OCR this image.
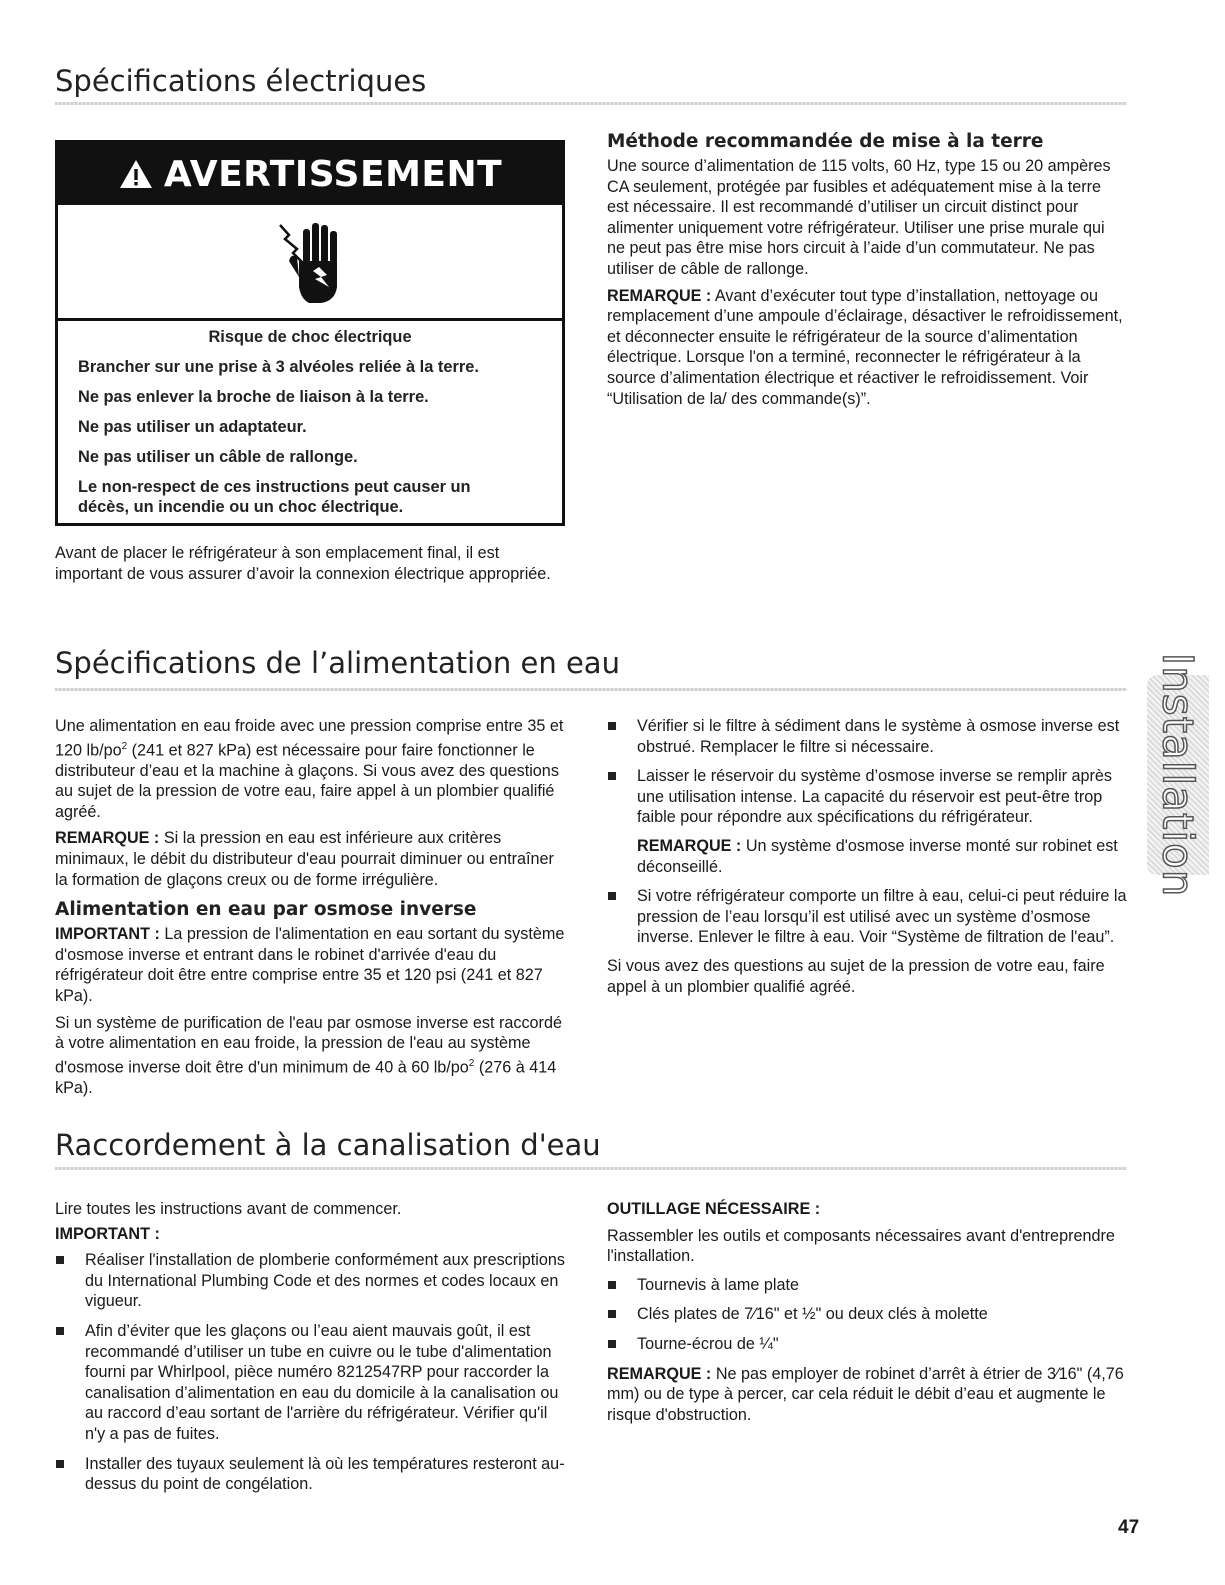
Spécifications électriques
AVERTISSEMENT
Risque de choc électrique
Brancher sur une prise à 3 alvéoles reliée à la terre.
Ne pas enlever la broche de liaison à la terre.
Ne pas utiliser un adaptateur.
Ne pas utiliser un câble de rallonge.
Le non-respect de ces instructions peut causer un décès, un incendie ou un choc électrique.

Avant de placer le réfrigérateur à son emplacement final, il est important de vous assurer d’avoir la connexion électrique appropriée.

Méthode recommandée de mise à la terre

Une source d’alimentation de 115 volts, 60 Hz, type 15 ou 20 ampères CA seulement, protégée par fusibles et adéquatement mise à la terre est nécessaire. Il est recommandé d’utiliser un circuit distinct pour alimenter uniquement votre réfrigérateur. Utiliser une prise murale qui ne peut pas être mise hors circuit à l’aide d’un commutateur. Ne pas utiliser de câble de rallonge.

REMARQUE : Avant d’exécuter tout type d’installation, nettoyage ou remplacement d’une ampoule d’éclairage, désactiver le refroidissement, et déconnecter ensuite le réfrigérateur de la source d’alimentation électrique. Lorsque l'on a terminé, reconnecter le réfrigérateur à la source d’alimentation électrique et réactiver le refroidissement. Voir “Utilisation de la/ des commande(s)”.

Spécifications de l’alimentation en eau

Une alimentation en eau froide avec une pression comprise entre 35 et 120 $lb/po^2$ (241 et 827 kPa) est nécessaire pour faire fonctionner le distributeur d’eau et la machine à glaçons. Si vous avez des questions au sujet de la pression de votre eau, faire appel à un plombier qualifié agréé.

REMARQUE : Si la pression en eau est inférieure aux critères minimaux, le débit du distributeur d'eau pourrait diminuer ou entraîner la formation de glaçons creux ou de forme irrégulière.

Alimentation en eau par osmose inverse

IMPORTANT : La pression de l'alimentation en eau sortant du système d'osmose inverse et entrant dans le robinet d'arrivée d'eau du réfrigérateur doit être entre comprise entre 35 et 120 psi (241 et 827 kPa).

Si un système de purification de l'eau par osmose inverse est raccordé à votre alimentation en eau froide, la pression de l'eau au système d'osmose inverse doit être d'un minimum de 40 à 60 $lb/po^2$ (276 à 414 kPa).

Vérifier si le filtre à sédiment dans le système à osmose inverse est obstrué. Remplacer le filtre si nécessaire.
Laisser le réservoir du système d’osmose inverse se remplir après une utilisation intense. La capacité du réservoir est peut-être trop faible pour répondre aux spécifications du réfrigérateur.
REMARQUE : Un système d'osmose inverse monté sur robinet est déconseillé.
Si votre réfrigérateur comporte un filtre à eau, celui-ci peut réduire la pression de l’eau lorsqu’il est utilisé avec un système d’osmose inverse. Enlever le filtre à eau. Voir “Système de filtration de l'eau”.

Si vous avez des questions au sujet de la pression de votre eau, faire appel à un plombier qualifié agréé.

Raccordement à la canalisation d'eau

Lire toutes les instructions avant de commencer.

IMPORTANT :

Réaliser l'installation de plomberie conformément aux prescriptions du International Plumbing Code et des normes et codes locaux en vigueur.
Afin d’éviter que les glaçons ou l’eau aient mauvais goût, il est recommandé d’utiliser un tube en cuivre ou le tube d'alimentation fourni par Whirlpool, pièce numéro 8212547RP pour raccorder la canalisation d’alimentation en eau du domicile à la canalisation ou au raccord d’eau sortant de l'arrière du réfrigérateur. Vérifier qu'il n'y a pas de fuites.
Installer des tuyaux seulement là où les températures resteront au-dessus du point de congélation.

OUTILLAGE NÉCESSAIRE :

Rassembler les outils et composants nécessaires avant d'entreprendre l'installation.

Tournevis à lame plate
Clés plates de 7⁄16" et ½" ou deux clés à molette
Tourne-écrou de ¼"

REMARQUE : Ne pas employer de robinet d’arrêt à étrier de 3⁄16" (4,76 mm) ou de type à percer, car cela réduit le débit d’eau et augmente le risque d'obstruction.

Installation
47
